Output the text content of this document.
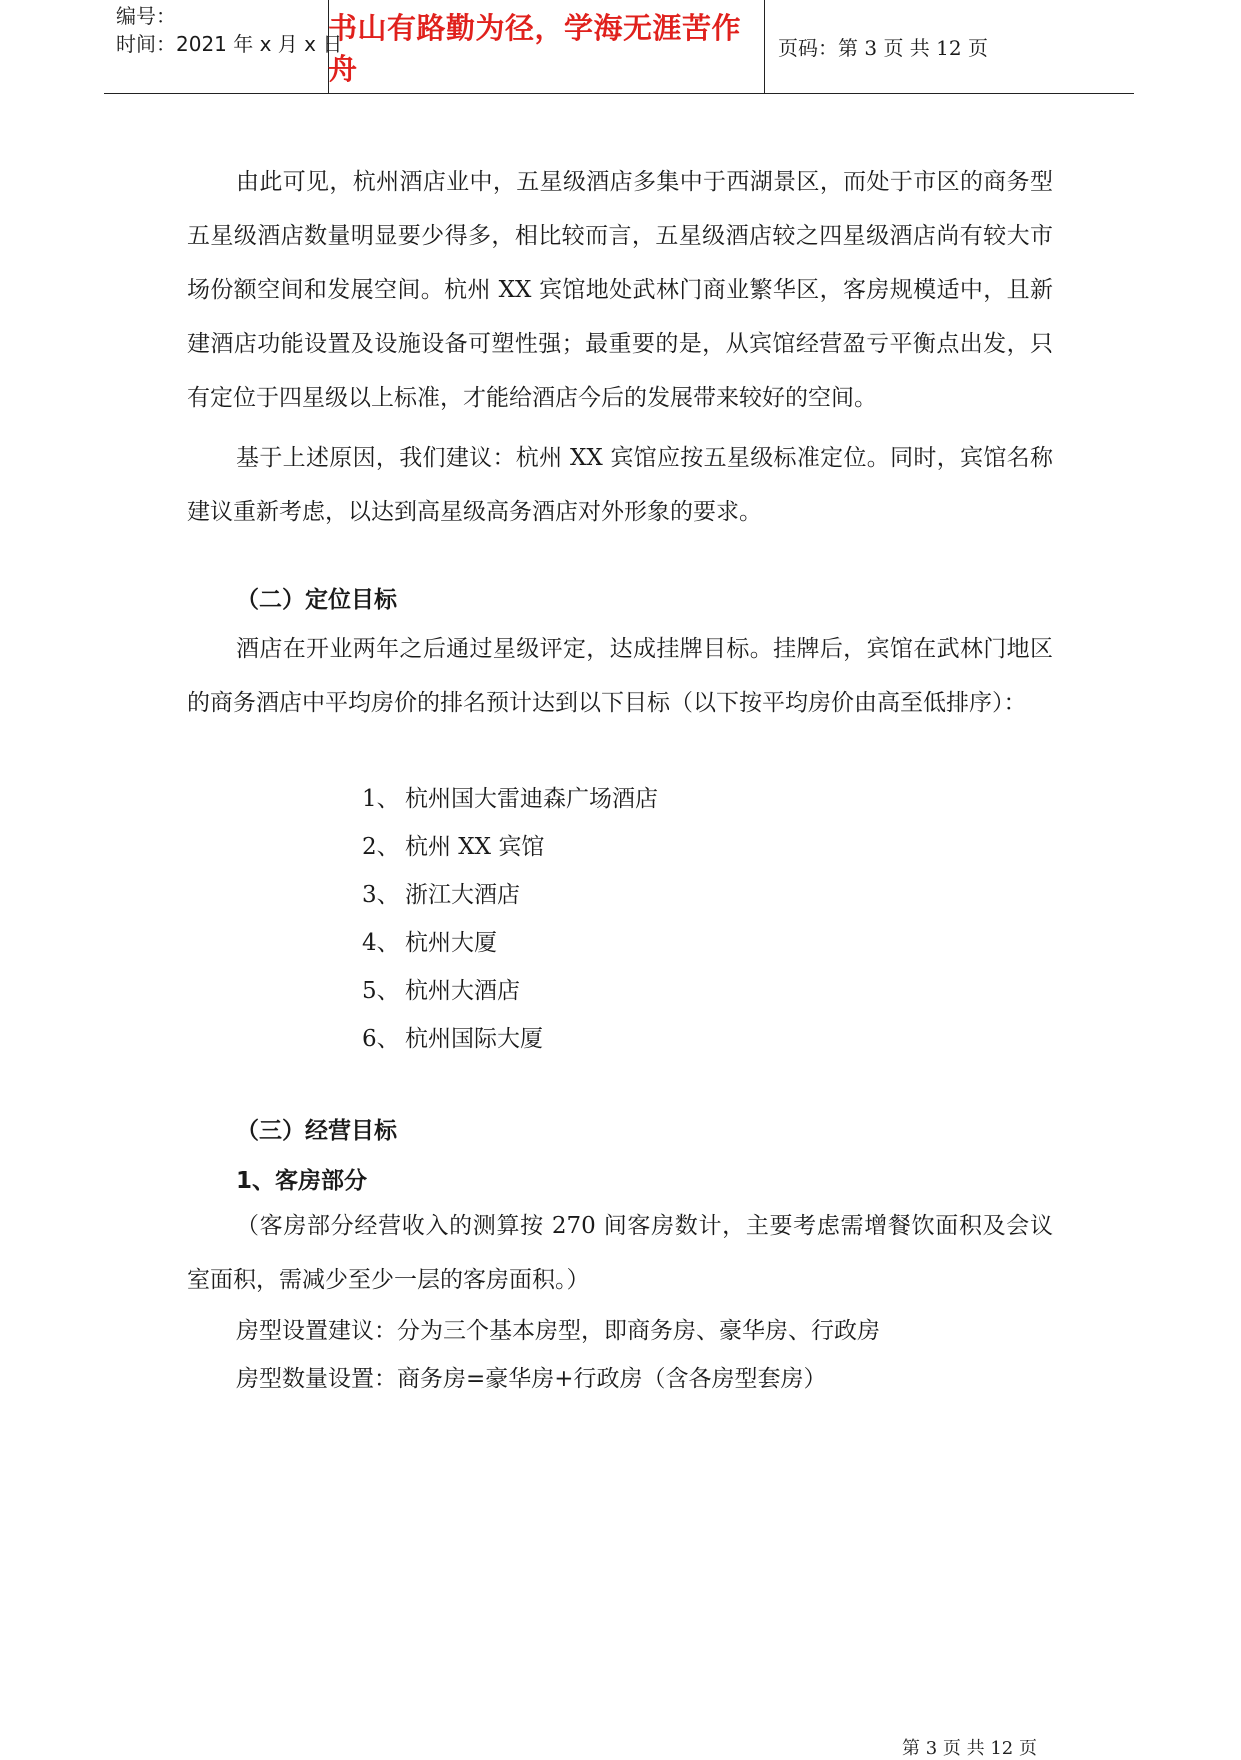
编号：
时间：2021 年 x 月 x 日
书山有路勤为径，学海无涯苦作舟
页码：第 3 页 共 12 页

由此可见，杭州酒店业中，五星级酒店多集中于西湖景区，而处于市区的商务型五星级酒店数量明显要少得多，相比较而言，五星级酒店较之四星级酒店尚有较大市场份额空间和发展空间。杭州 XX 宾馆地处武林门商业繁华区，客房规模适中，且新建酒店功能设置及设施设备可塑性强；最重要的是，从宾馆经营盈亏平衡点出发，只有定位于四星级以上标准，才能给酒店今后的发展带来较好的空间。

基于上述原因，我们建议：杭州 XX 宾馆应按五星级标准定位。同时，宾馆名称建议重新考虑，以达到高星级高务酒店对外形象的要求。

（二）定位目标

酒店在开业两年之后通过星级评定，达成挂牌目标。挂牌后，宾馆在武林门地区的商务酒店中平均房价的排名预计达到以下目标（以下按平均房价由高至低排序）：

1、 杭州国大雷迪森广场酒店
2、 杭州 XX 宾馆
3、 浙江大酒店
4、 杭州大厦
5、 杭州大酒店
6、 杭州国际大厦
（三）经营目标
1、客房部分

（客房部分经营收入的测算按 270 间客房数计，主要考虑需增餐饮面积及会议室面积，需减少至少一层的客房面积。）

房型设置建议：分为三个基本房型，即商务房、豪华房、行政房
房型数量设置：商务房=豪华房+行政房（含各房型套房）
第 3 页 共 12 页
